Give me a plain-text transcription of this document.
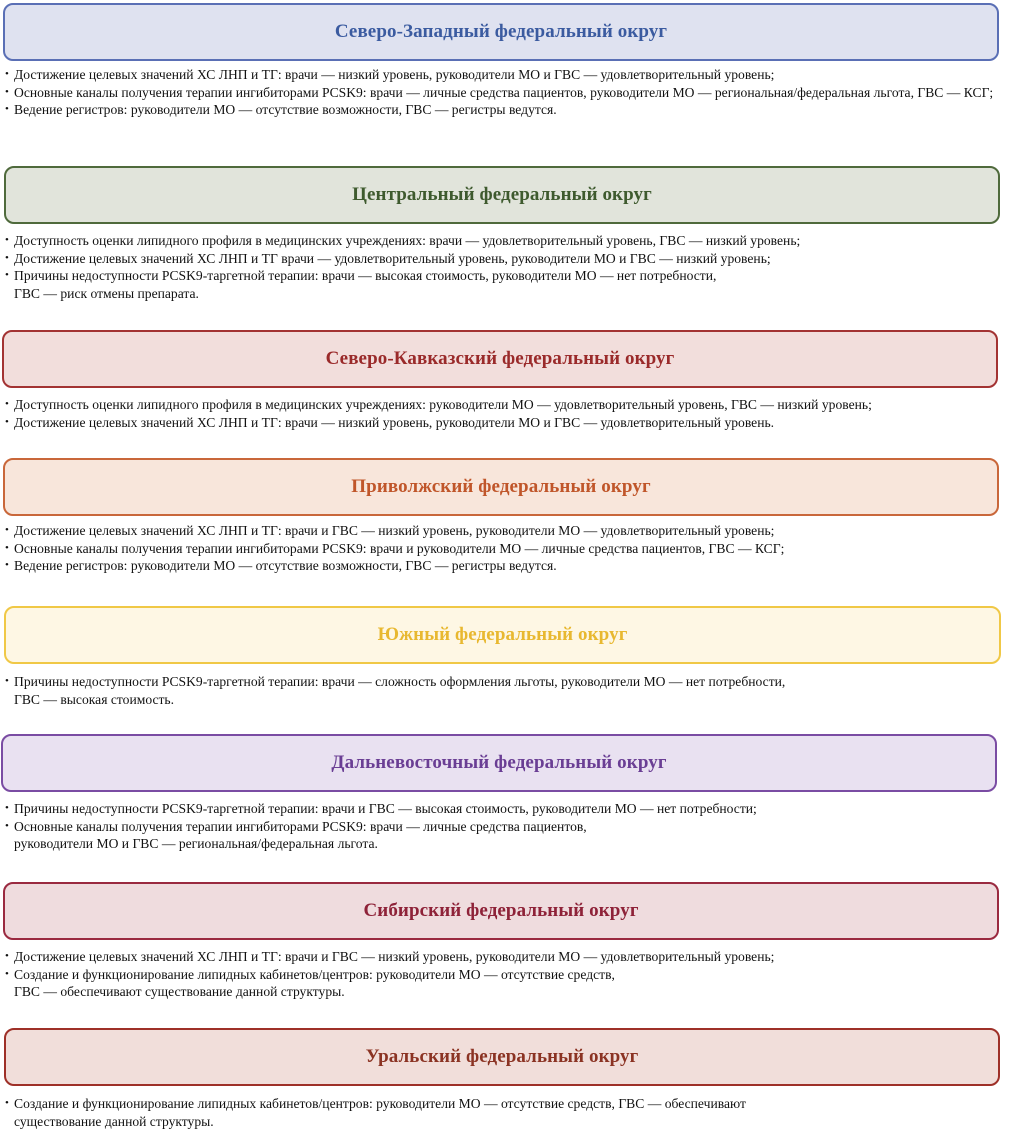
Северо-Западный федеральный округ
• Достижение целевых значений ХС ЛНП и ТГ: врачи — низкий уровень, руководители МО и ГВС — удовлетворительный уровень;
• Основные каналы получения терапии ингибиторами PCSK9: врачи — личные средства пациентов, руководители МО — региональная/федеральная льгота, ГВС — КСГ;
• Ведение регистров: руководители МО — отсутствие возможности, ГВС — регистры ведутся.
Центральный федеральный округ
• Доступность оценки липидного профиля в медицинских учреждениях: врачи — удовлетворительный уровень, ГВС — низкий уровень;
• Достижение целевых значений ХС ЛНП и ТГ врачи — удовлетворительный уровень, руководители МО и ГВС — низкий уровень;
• Причины недоступности PCSK9-таргетной терапии: врачи — высокая стоимость, руководители МО — нет потребности,
ГВС — риск отмены препарата.
Северо-Кавказский федеральный округ
• Доступность оценки липидного профиля в медицинских учреждениях: руководители МО — удовлетворительный уровень, ГВС — низкий уровень;
• Достижение целевых значений ХС ЛНП и ТГ: врачи — низкий уровень, руководители МО и ГВС — удовлетворительный уровень.
Приволжский федеральный округ
• Достижение целевых значений ХС ЛНП и ТГ: врачи и ГВС — низкий уровень, руководители МО — удовлетворительный уровень;
• Основные каналы получения терапии ингибиторами PCSK9: врачи и руководители МО — личные средства пациентов, ГВС — КСГ;
• Ведение регистров: руководители МО — отсутствие возможности, ГВС — регистры ведутся.
Южный федеральный округ
• Причины недоступности PCSK9-таргетной терапии: врачи — сложность оформления льготы, руководители МО — нет потребности,
ГВС — высокая стоимость.
Дальневосточный федеральный округ
• Причины недоступности PCSK9-таргетной терапии: врачи и ГВС — высокая стоимость, руководители МО — нет потребности;
• Основные каналы получения терапии ингибиторами PCSK9: врачи — личные средства пациентов,
руководители МО и ГВС — региональная/федеральная льгота.
Сибирский федеральный округ
• Достижение целевых значений ХС ЛНП и ТГ: врачи и ГВС — низкий уровень, руководители МО — удовлетворительный уровень;
• Создание и функционирование липидных кабинетов/центров: руководители МО — отсутствие средств,
ГВС — обеспечивают существование данной структуры.
Уральский федеральный округ
• Создание и функционирование липидных кабинетов/центров: руководители МО — отсутствие средств, ГВС — обеспечивают
существование данной структуры.
